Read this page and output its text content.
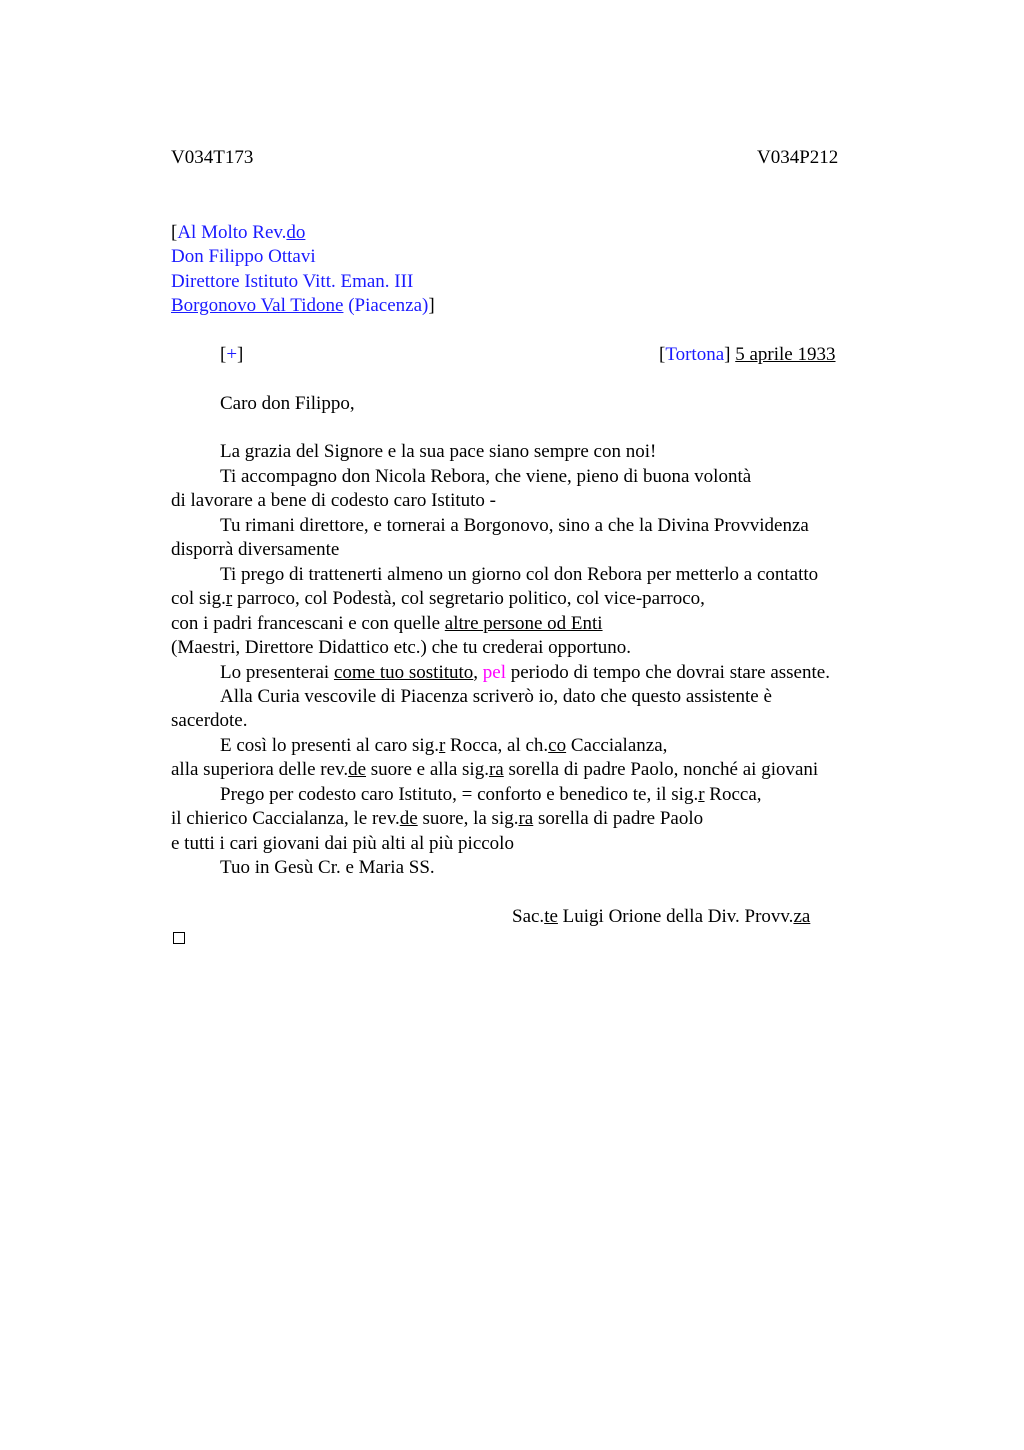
V034T173	V034P212
[Al Molto Rev.do
Don Filippo Ottavi
Direttore Istituto Vitt. Eman. III
Borgonovo Val Tidone (Piacenza)]
[+]	[Tortona] 5 aprile 1933
Caro don Filippo,
La grazia del Signore e la sua pace siano sempre con noi!
Ti accompagno don Nicola Rebora, che viene, pieno di buona volontà
di lavorare a bene di codesto caro Istituto -
Tu rimani direttore, e tornerai a Borgonovo, sino a che la Divina Provvidenza
disporrà diversamente
Ti prego di trattenerti almeno un giorno col don Rebora per metterlo a contatto
col sig.r parroco, col Podestà, col segretario politico, col vice-parroco,
con i padri francescani e con quelle altre persone od Enti
(Maestri, Direttore Didattico etc.) che tu crederai opportuno.
Lo presenterai come tuo sostituto, pel periodo di tempo che dovrai stare assente.
Alla Curia vescovile di Piacenza scriverò io, dato che questo assistente è
sacerdote.
E così lo presenti al caro sig.r Rocca, al ch.co Caccialanza,
alla superiora delle rev.de suore e alla sig.ra sorella di padre Paolo, nonché ai giovani
Prego per codesto caro Istituto, = conforto e benedico te, il sig.r Rocca,
il chierico Caccialanza, le rev.de suore, la sig.ra sorella di padre Paolo
e tutti i cari giovani dai più alti al più piccolo
Tuo in Gesù Cr. e Maria SS.
Sac.te Luigi Orione della Div. Provv.za
